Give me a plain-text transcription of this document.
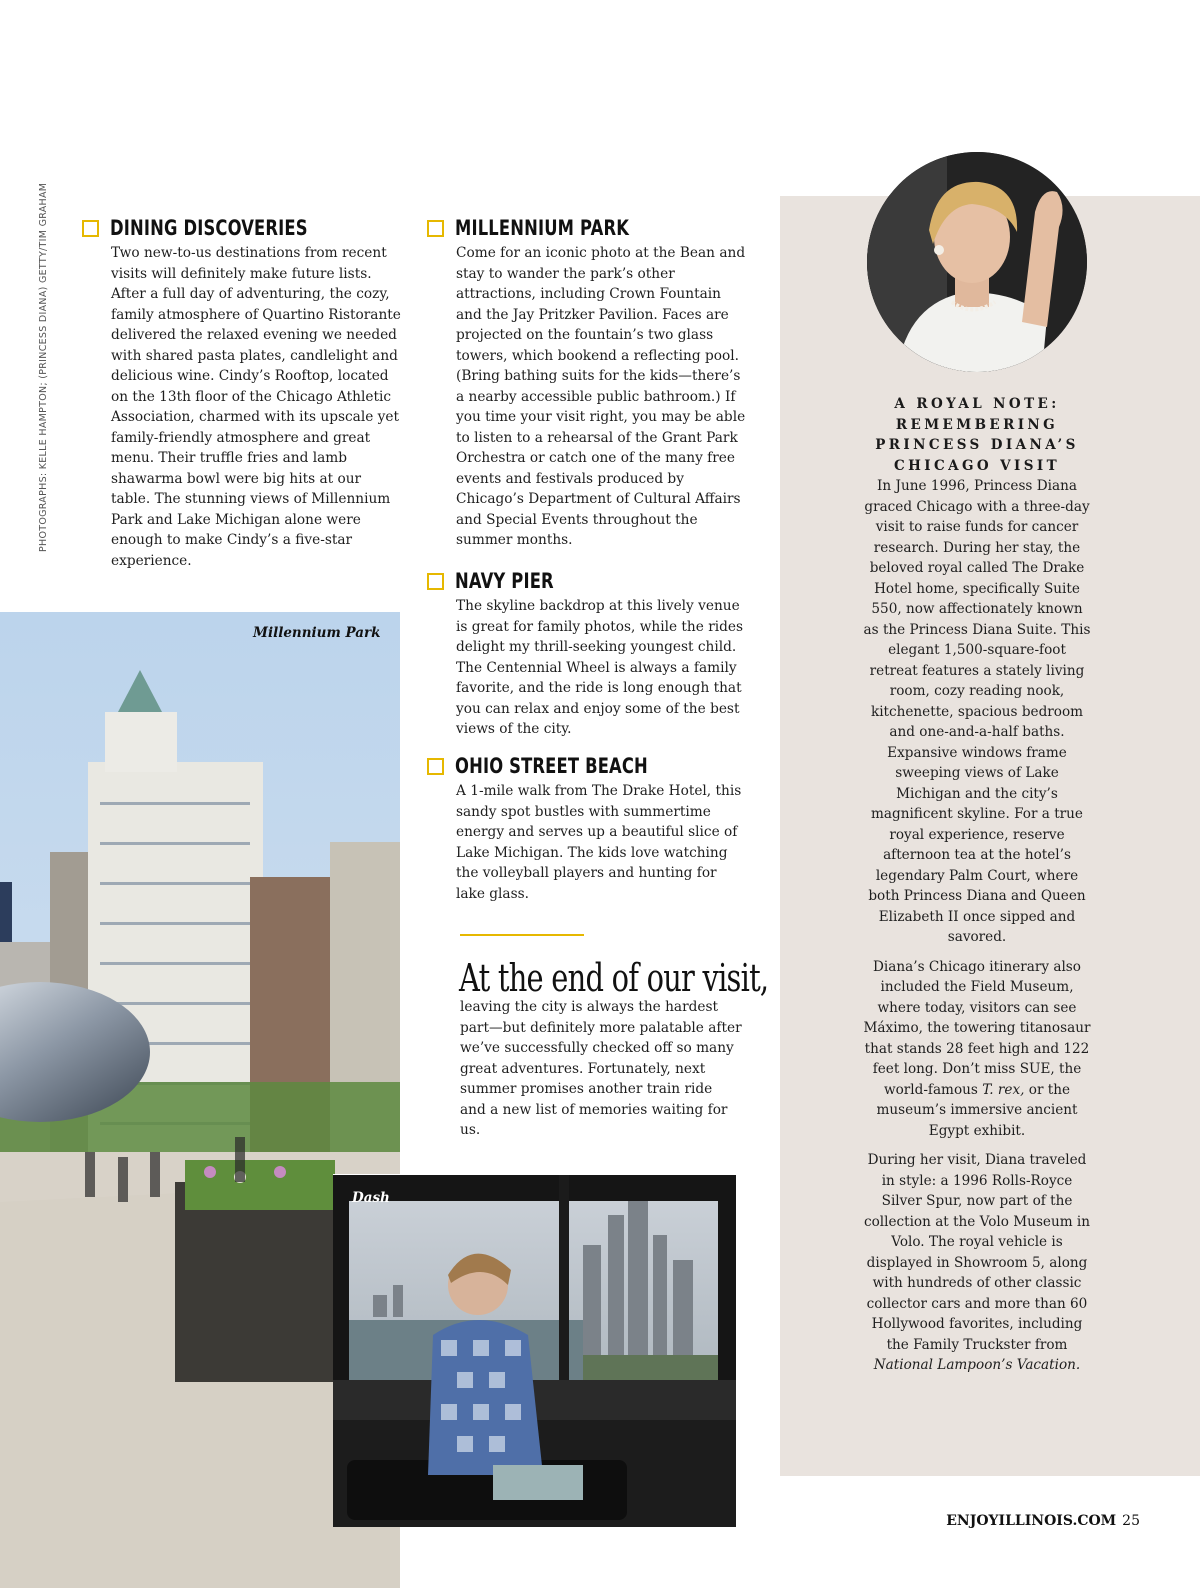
PHOTOGRAPHS: KELLE HAMPTON; (PRINCESS DIANA) GETTY/TIM GRAHAM	DINING DISCOVERIES
Two new-to-us destinations from recent visits will definitely make future lists. After a full day of adventuring, the cozy, family atmosphere of Quartino Ristorante delivered the relaxed evening we needed with shared pasta plates, candlelight and delicious wine. Cindy’s Rooftop, located on the 13th floor of the Chicago Athletic Association, charmed with its upscale yet family-friendly atmosphere and great menu. Their truffle fries and lamb shawarma bowl were big hits at our table. The stunning views of Millennium Park and Lake Michigan alone were enough to make Cindy’s a five-star experience.
Millennium Park
MILLENNIUM PARK
Come for an iconic photo at the Bean and stay to wander the park’s other attractions, including Crown Fountain and the Jay Pritzker Pavilion. Faces are projected on the fountain’s two glass towers, which bookend a reflecting pool. (Bring bathing suits for the kids—there’s a nearby accessible public bathroom.) If you time your visit right, you may be able to listen to a rehearsal of the Grant Park Orchestra or catch one of the many free events and festivals produced by Chicago’s Department of Cultural Affairs and Special Events throughout the summer months.
NAVY PIER
The skyline backdrop at this lively venue is great for family photos, while the rides delight my thrill-seeking youngest child. The Centennial Wheel is always a family favorite, and the ride is long enough that you can relax and enjoy some of the best views of the city.
OHIO STREET BEACH
A 1-mile walk from The Drake Hotel, this sandy spot bustles with summertime energy and serves up a beautiful slice of Lake Michigan. The kids love watching the volleyball players and hunting for lake glass.
At the end of our visit,
leaving the city is always the hardest part—but definitely more palatable after we’ve successfully checked off so many great adventures. Fortunately, next summer promises another train ride and a new list of memories waiting for us.
Dash
A ROYAL NOTE:
REMEMBERING
PRINCESS DIANA’S
CHICAGO VISIT

In June 1996, Princess Diana graced Chicago with a three-day visit to raise funds for cancer research. During her stay, the beloved royal called The Drake Hotel home, specifically Suite 550, now affectionately known as the Princess Diana Suite. This elegant 1,500-square-foot retreat features a stately living room, cozy reading nook, kitchenette, spacious bedroom and one-and-a-half baths. Expansive windows frame sweeping views of Lake Michigan and the city’s magnificent skyline. For a true royal experience, reserve afternoon tea at the hotel’s legendary Palm Court, where both Princess Diana and Queen Elizabeth II once sipped and savored.

Diana’s Chicago itinerary also included the Field Museum, where today, visitors can see Máximo, the towering titanosaur that stands 28 feet high and 122 feet long. Don’t miss SUE, the world-famous T. rex, or the museum’s immersive ancient Egypt exhibit.

During her visit, Diana traveled in style: a 1996 Rolls-Royce Silver Spur, now part of the collection at the Volo Museum in Volo. The royal vehicle is displayed in Showroom 5, along with hundreds of other classic collector cars and more than 60 Hollywood favorites, including the Family Truckster from National Lampoon’s Vacation.

ENJOYILLINOIS.COM 25
